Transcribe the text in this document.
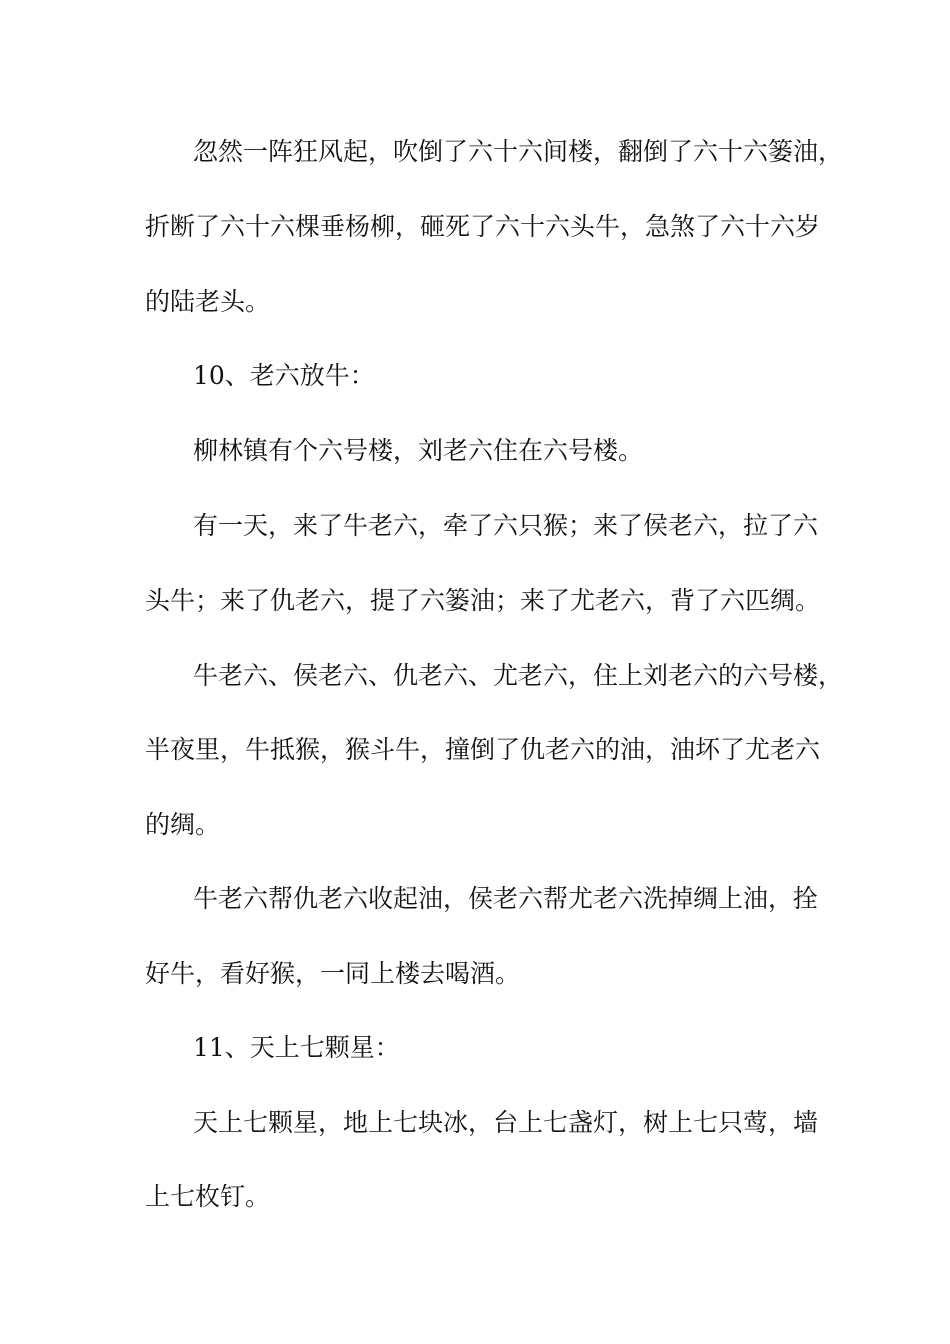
忽然一阵狂风起，吹倒了六十六间楼，翻倒了六十六篓油，
折断了六十六棵垂杨柳，砸死了六十六头牛，急煞了六十六岁
的陆老头。
10、老六放牛：
柳林镇有个六号楼，刘老六住在六号楼。
有一天，来了牛老六，牵了六只猴；来了侯老六，拉了六
头牛；来了仇老六，提了六篓油；来了尤老六，背了六匹绸。
牛老六、侯老六、仇老六、尤老六，住上刘老六的六号楼，
半夜里，牛抵猴，猴斗牛，撞倒了仇老六的油，油坏了尤老六
的绸。
牛老六帮仇老六收起油，侯老六帮尤老六洗掉绸上油，拴
好牛，看好猴，一同上楼去喝酒。
11、天上七颗星：
天上七颗星，地上七块冰，台上七盏灯，树上七只莺，墙
上七枚钉。
